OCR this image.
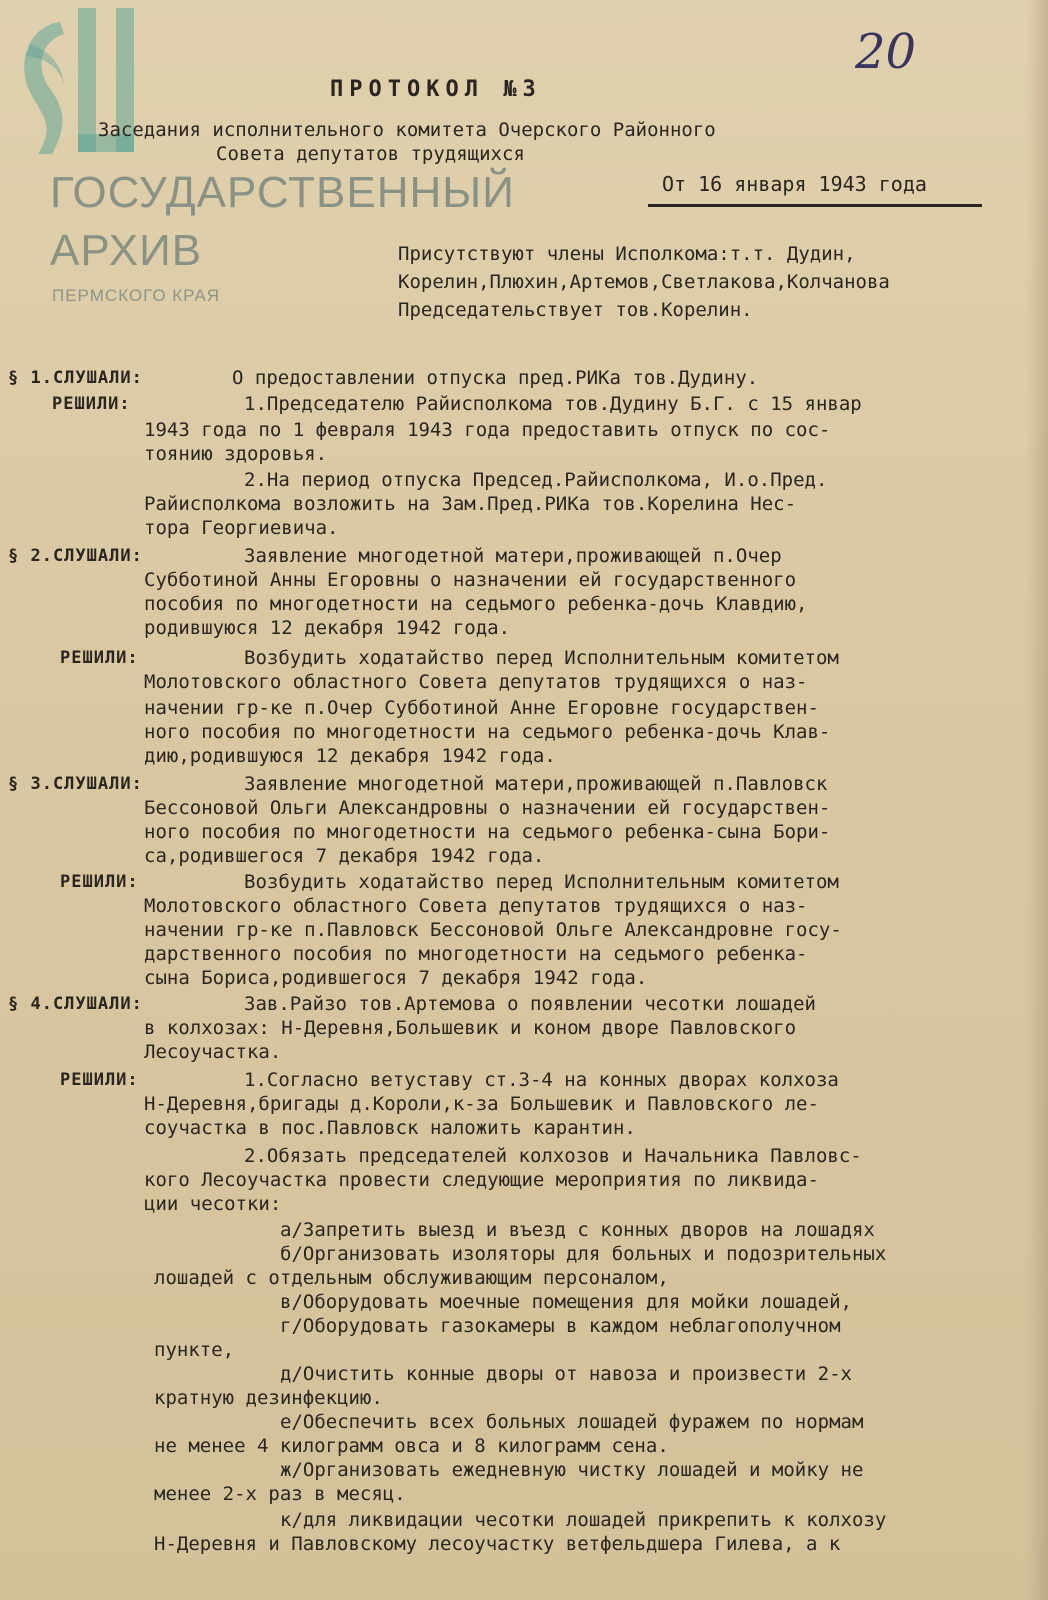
ГОСУДАРСТВЕННЫЙ
АРХИВ
ПЕРМСКОГО КРАЯ
20
ПРОТОКОЛ №3
Заседания исполнительного комитета Очерского Районного
Совета депутатов трудящихся
От 16 января 1943 года
Присутствуют члены Исполкома:т.т. Дудин,
Корелин,Плюхин,Артемов,Светлакова,Колчанова
Председательствует тов.Корелин.
§ 1.СЛУШАЛИ:	О предоставлении отпуска пред.РИКа тов.Дудину.
РЕШИЛИ:	1.Председателю Райисполкома тов.Дудину Б.Г. с 15 январ
1943 года по 1 февраля 1943 года предоставить отпуск по сос-
тоянию здоровья.
2.На период отпуска Председ.Райисполкома, И.о.Пред.
Райисполкома возложить на Зам.Пред.РИКа тов.Корелина Нес-
тора Георгиевича.
§ 2.СЛУШАЛИ:	Заявление многодетной матери,проживающей п.Очер
Субботиной Анны Егоровны о назначении ей государственного
пособия по многодетности на седьмого ребенка-дочь Клавдию,
родившуюся 12 декабря 1942 года.
РЕШИЛИ:	Возбудить ходатайство перед Исполнительным комитетом
Молотовского областного Совета депутатов трудящихся о наз-
начении гр-ке п.Очер Субботиной Анне Егоровне государствен-
ного пособия по многодетности на седьмого ребенка-дочь Клав-
дию,родившуюся 12 декабря 1942 года.
§ 3.СЛУШАЛИ:	Заявление многодетной матери,проживающей п.Павловск
Бессоновой Ольги Александровны о назначении ей государствен-
ного пособия по многодетности на седьмого ребенка-сына Бори-
са,родившегося 7 декабря 1942 года.
РЕШИЛИ:	Возбудить ходатайство перед Исполнительным комитетом
Молотовского областного Совета депутатов трудящихся о наз-
начении гр-ке п.Павловск Бессоновой Ольге Александровне госу-
дарственного пособия по многодетности на седьмого ребенка-
сына Бориса,родившегося 7 декабря 1942 года.
§ 4.СЛУШАЛИ:	Зав.Райзо тов.Артемова о появлении чесотки лошадей
в колхозах: Н-Деревня,Большевик и коном дворе Павловского
Лесоучастка.
РЕШИЛИ:	1.Согласно ветуставу ст.3-4 на конных дворах колхоза
Н-Деревня,бригады д.Короли,к-за Большевик и Павловского ле-
соучастка в пос.Павловск наложить карантин.
2.Обязать председателей колхозов и Начальника Павловс-
кого Лесоучастка провести следующие мероприятия по ликвида-
ции чесотки:
а/Запретить выезд и въезд с конных дворов на лошадях
б/Организовать изоляторы для больных и подозрительных
лошадей с отдельным обслуживающим персоналом,
в/Оборудовать моечные помещения для мойки лошадей,
г/Оборудовать газокамеры в каждом неблагополучном
пункте,
д/Очистить конные дворы от навоза и произвести 2-х
кратную дезинфекцию.
е/Обеспечить всех больных лошадей фуражем по нормам
не менее 4 килограмм овса и 8 килограмм сена.
ж/Организовать ежедневную чистку лошадей и мойку не
менее 2-х раз в месяц.
к/для ликвидации чесотки лошадей прикрепить к колхозу
Н-Деревня и Павловскому лесоучастку ветфельдшера Гилева, а к
